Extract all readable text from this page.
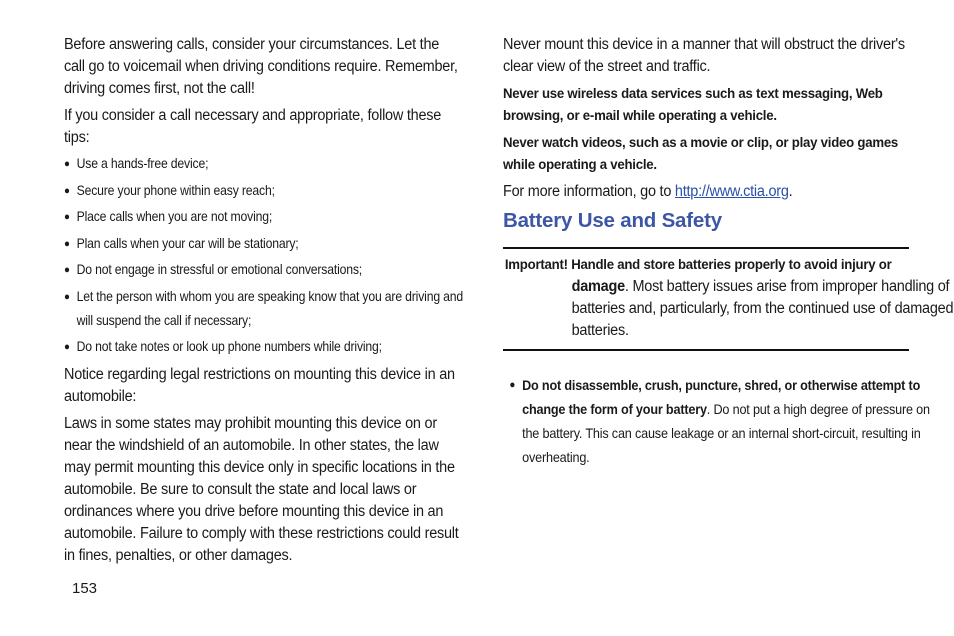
Before answering calls, consider your circumstances. Let the call go to voicemail when driving conditions require. Remember, driving comes first, not the call!

If you consider a call necessary and appropriate, follow these tips:

● Use a hands-free device;
● Secure your phone within easy reach;
● Place calls when you are not moving;
● Plan calls when your car will be stationary;
● Do not engage in stressful or emotional conversations;
● Let the person with whom you are speaking know that you are driving and will suspend the call if necessary;
● Do not take notes or look up phone numbers while driving;

Notice regarding legal restrictions on mounting this device in an automobile:

Laws in some states may prohibit mounting this device on or near the windshield of an automobile. In other states, the law may permit mounting this device only in specific locations in the automobile. Be sure to consult the state and local laws or ordinances where you drive before mounting this device in an automobile. Failure to comply with these restrictions could result in fines, penalties, or other damages.

Never mount this device in a manner that will obstruct the driver's clear view of the street and traffic.

Never use wireless data services such as text messaging, Web browsing, or e-mail while operating a vehicle.

Never watch videos, such as a movie or clip, or play video games while operating a vehicle.

For more information, go to http://www.ctia.org.

Battery Use and Safety

Important! Handle and store batteries properly to avoid injury or

damage. Most battery issues arise from improper handling of batteries and, particularly, from the continued use of damaged batteries.

● Do not disassemble, crush, puncture, shred, or otherwise attempt to change the form of your battery. Do not put a high degree of pressure on the battery. This can cause leakage or an internal short-circuit, resulting in overheating.

153
